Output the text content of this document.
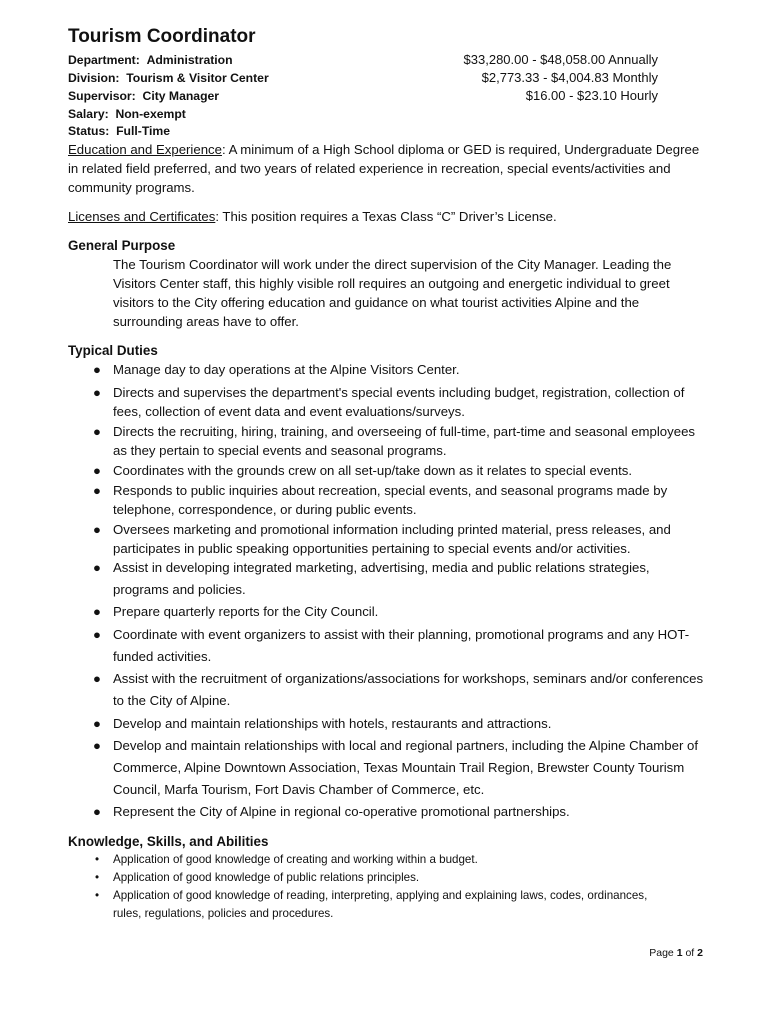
Tourism Coordinator
Department: Administration	$33,280.00 - $48,058.00 Annually
Division: Tourism & Visitor Center	$2,773.33 - $4,004.83 Monthly
Supervisor: City Manager	$16.00 - $23.10 Hourly
Salary: Non-exempt
Status: Full-Time
Education and Experience: A minimum of a High School diploma or GED is required, Undergraduate Degree in related field preferred, and two years of related experience in recreation, special events/activities and community programs.
Licenses and Certificates: This position requires a Texas Class “C” Driver’s License.
General Purpose
The Tourism Coordinator will work under the direct supervision of the City Manager. Leading the Visitors Center staff, this highly visible roll requires an outgoing and energetic individual to greet visitors to the City offering education and guidance on what tourist activities Alpine and the surrounding areas have to offer.
Typical Duties
● Manage day to day operations at the Alpine Visitors Center.
● Directs and supervises the department's special events including budget, registration, collection of fees, collection of event data and event evaluations/surveys.
● Directs the recruiting, hiring, training, and overseeing of full-time, part-time and seasonal employees as they pertain to special events and seasonal programs.
● Coordinates with the grounds crew on all set-up/take down as it relates to special events.
● Responds to public inquiries about recreation, special events, and seasonal programs made by telephone, correspondence, or during public events.
● Oversees marketing and promotional information including printed material, press releases, and participates in public speaking opportunities pertaining to special events and/or activities.
● Assist in developing integrated marketing, advertising, media and public relations strategies, programs and policies.
● Prepare quarterly reports for the City Council.
● Coordinate with event organizers to assist with their planning, promotional programs and any HOT-funded activities.
● Assist with the recruitment of organizations/associations for workshops, seminars and/or conferences to the City of Alpine.
● Develop and maintain relationships with hotels, restaurants and attractions.
● Develop and maintain relationships with local and regional partners, including the Alpine Chamber of Commerce, Alpine Downtown Association, Texas Mountain Trail Region, Brewster County Tourism Council, Marfa Tourism, Fort Davis Chamber of Commerce, etc.
● Represent the City of Alpine in regional co-operative promotional partnerships.
Knowledge, Skills, and Abilities
•	Application of good knowledge of creating and working within a budget.
•	Application of good knowledge of public relations principles.
•	Application of good knowledge of reading, interpreting, applying and explaining laws, codes, ordinances, rules, regulations, policies and procedures.
Page 1 of 2
